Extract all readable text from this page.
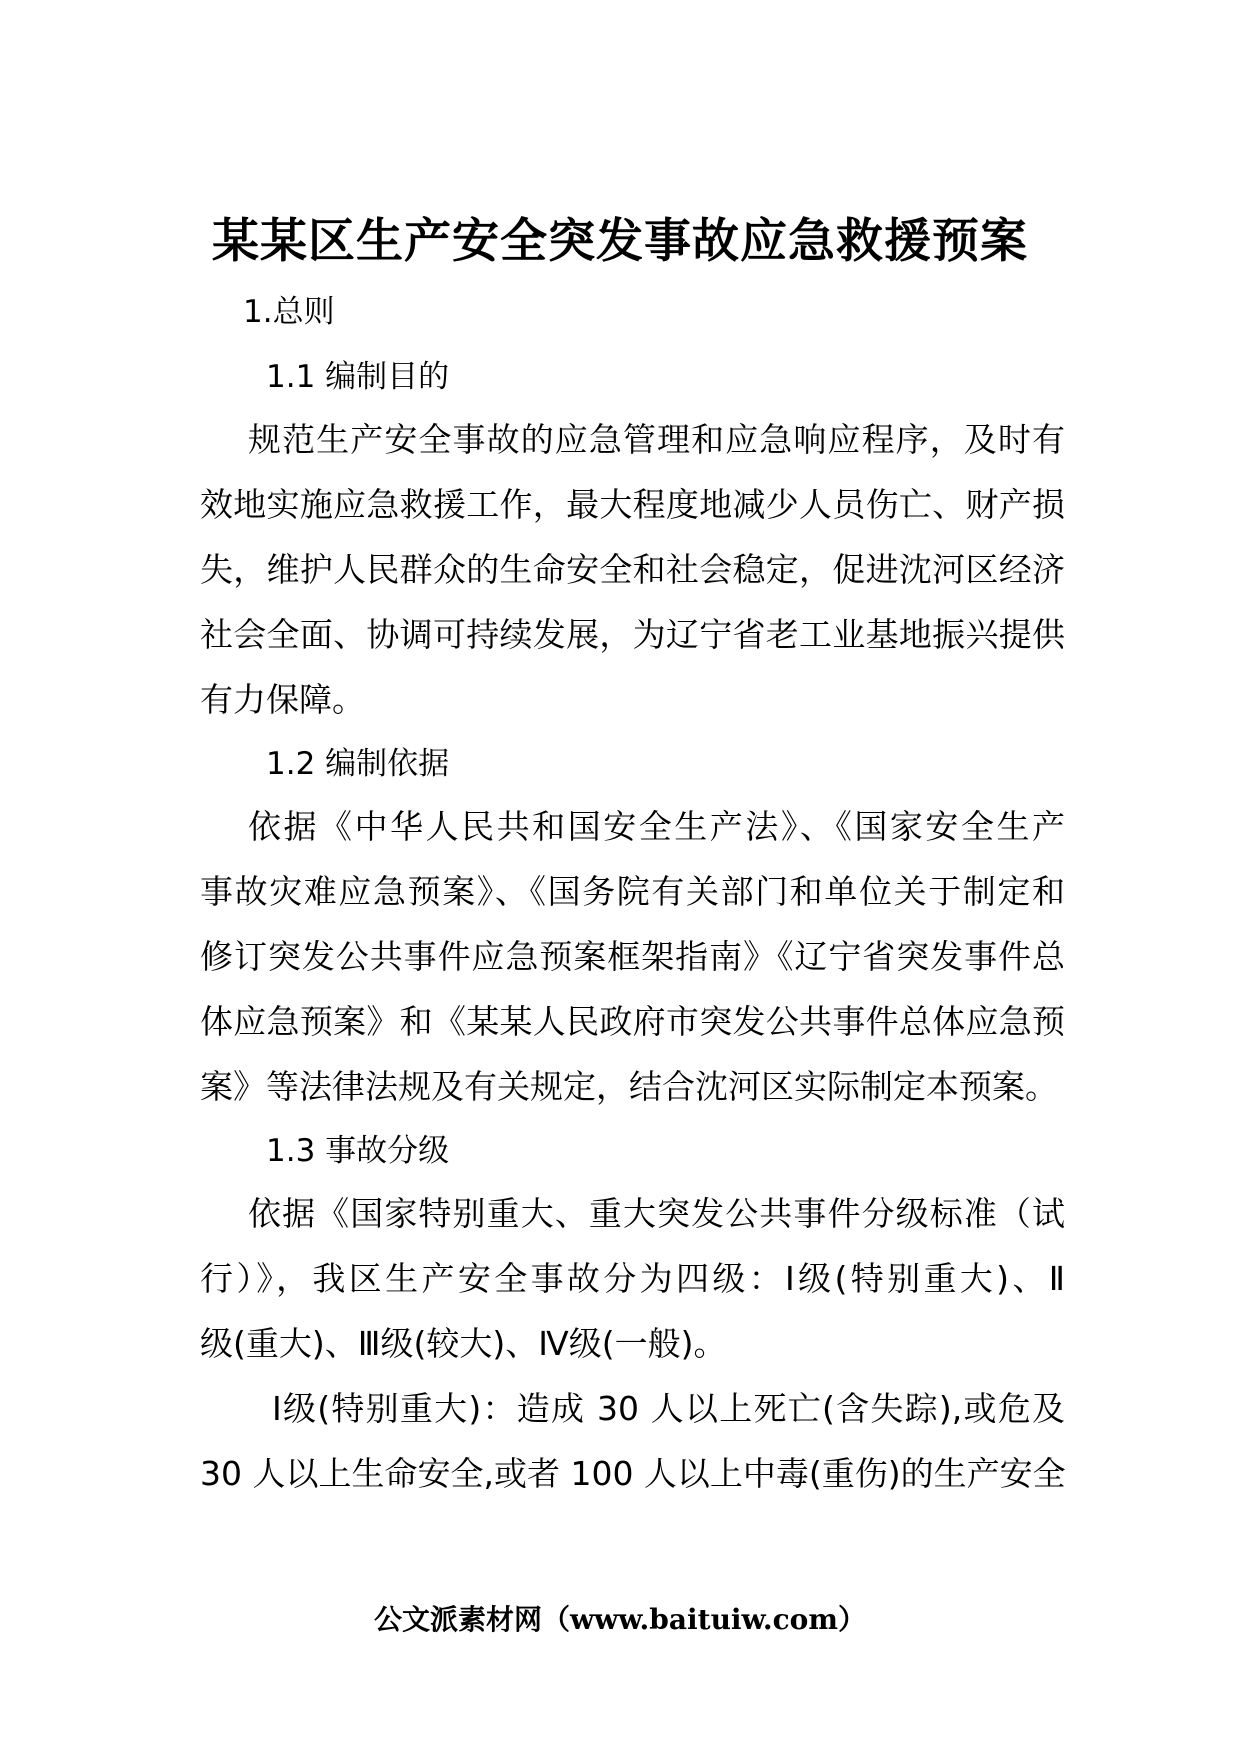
某某区生产安全突发事故应急救援预案
1.总则
1.1 编制目的
规范生产安全事故的应急管理和应急响应程序，及时有
效地实施应急救援工作，最大程度地减少人员伤亡、财产损
失，维护人民群众的生命安全和社会稳定，促进沈河区经济
社会全面、协调可持续发展，为辽宁省老工业基地振兴提供
有力保障。
1.2 编制依据
依据《中华人民共和国安全生产法》、《国家安全生产
事故灾难应急预案》、《国务院有关部门和单位关于制定和
修订突发公共事件应急预案框架指南》《辽宁省突发事件总
体应急预案》和《某某人民政府市突发公共事件总体应急预
案》等法律法规及有关规定，结合沈河区实际制定本预案。
1.3 事故分级
依据《国家特别重大、重大突发公共事件分级标准（试
行）》，我区生产安全事故分为四级：Ⅰ级(特别重大)、Ⅱ
级(重大)、Ⅲ级(较大)、Ⅳ级(一般)。
Ⅰ级(特别重大)：造成 30 人以上死亡(含失踪),或危及
30 人以上生命安全,或者 100 人以上中毒(重伤)的生产安全
公文派素材网（www.baituiw.com）
